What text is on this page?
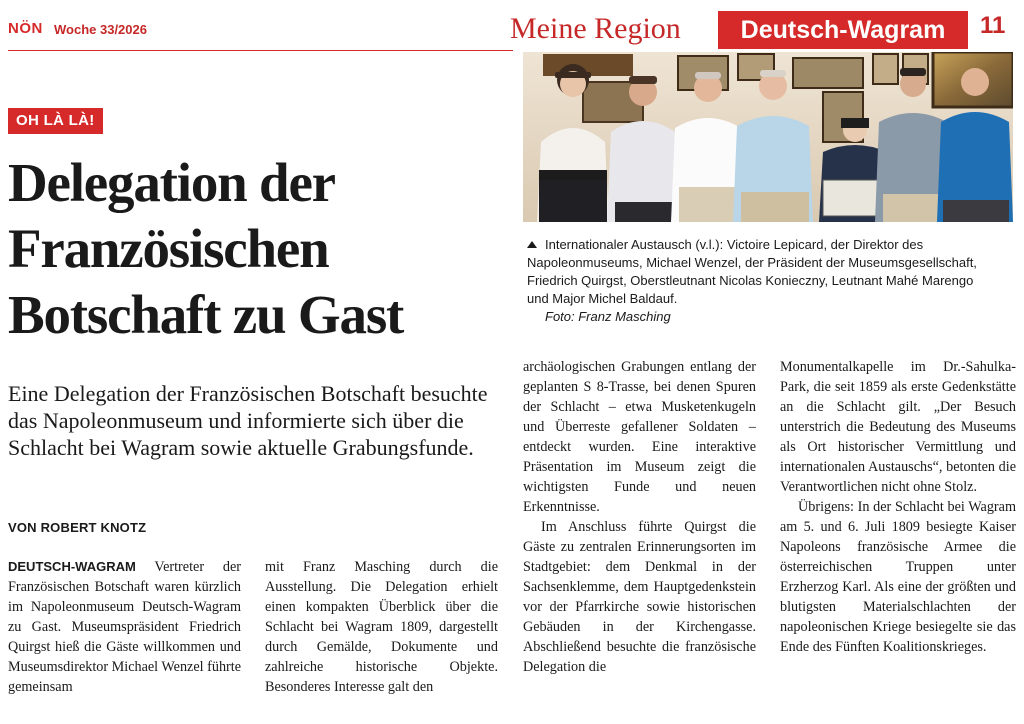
NÖN Woche 33/2026	Meine Region	Deutsch-Wagram	11
OH LÀ LÀ!
Delegation der
Französischen
Botschaft zu Gast

Eine Delegation der Französischen Botschaft besuchte das Napoleonmuseum und informierte sich über die Schlacht bei Wagram sowie aktuelle Grabungsfunde.

VON ROBERT KNOTZ
Internationaler Austausch (v.l.): Victoire Lepicard, der Direktor des Napoleonmuseums, Michael Wenzel, der Präsident der Museumsgesellschaft, Friedrich Quirgst, Oberstleutnant Nicolas Konieczny, Leutnant Mahé Marengo und Major Michel Baldauf.
Foto: Franz Masching

DEUTSCH-WAGRAM Vertreter der Französischen Botschaft waren kürzlich im Napoleonmuseum Deutsch-Wagram zu Gast. Museumspräsident Friedrich Quirgst hieß die Gäste willkommen und Museumsdirektor Michael Wenzel führte gemeinsam

mit Franz Masching durch die Ausstellung. Die Delegation erhielt einen kompakten Überblick über die Schlacht bei Wagram 1809, dargestellt durch Gemälde, Dokumente und zahlreiche historische Objekte. Besonderes Interesse galt den

archäologischen Grabungen entlang der geplanten S 8-Trasse, bei denen Spuren der Schlacht – etwa Musketenkugeln und Überreste gefallener Soldaten – entdeckt wurden. Eine interaktive Präsentation im Museum zeigt die wichtigsten Funde und neuen Erkenntnisse.

Im Anschluss führte Quirgst die Gäste zu zentralen Erinnerungsorten im Stadtgebiet: dem Denkmal in der Sachsenklemme, dem Hauptgedenkstein vor der Pfarrkirche sowie historischen Gebäuden in der Kirchengasse. Abschließend besuchte die französische Delegation die

Monumentalkapelle im Dr.-Sahulka-Park, die seit 1859 als erste Gedenkstätte an die Schlacht gilt. „Der Besuch unterstrich die Bedeutung des Museums als Ort historischer Vermittlung und internationalen Austauschs“, betonten die Verantwortlichen nicht ohne Stolz.

Übrigens: In der Schlacht bei Wagram am 5. und 6. Juli 1809 besiegte Kaiser Napoleons französische Armee die österreichischen Truppen unter Erzherzog Karl. Als eine der größten und blutigsten Materialschlachten der napoleonischen Kriege besiegelte sie das Ende des Fünften Koalitionskrieges.
